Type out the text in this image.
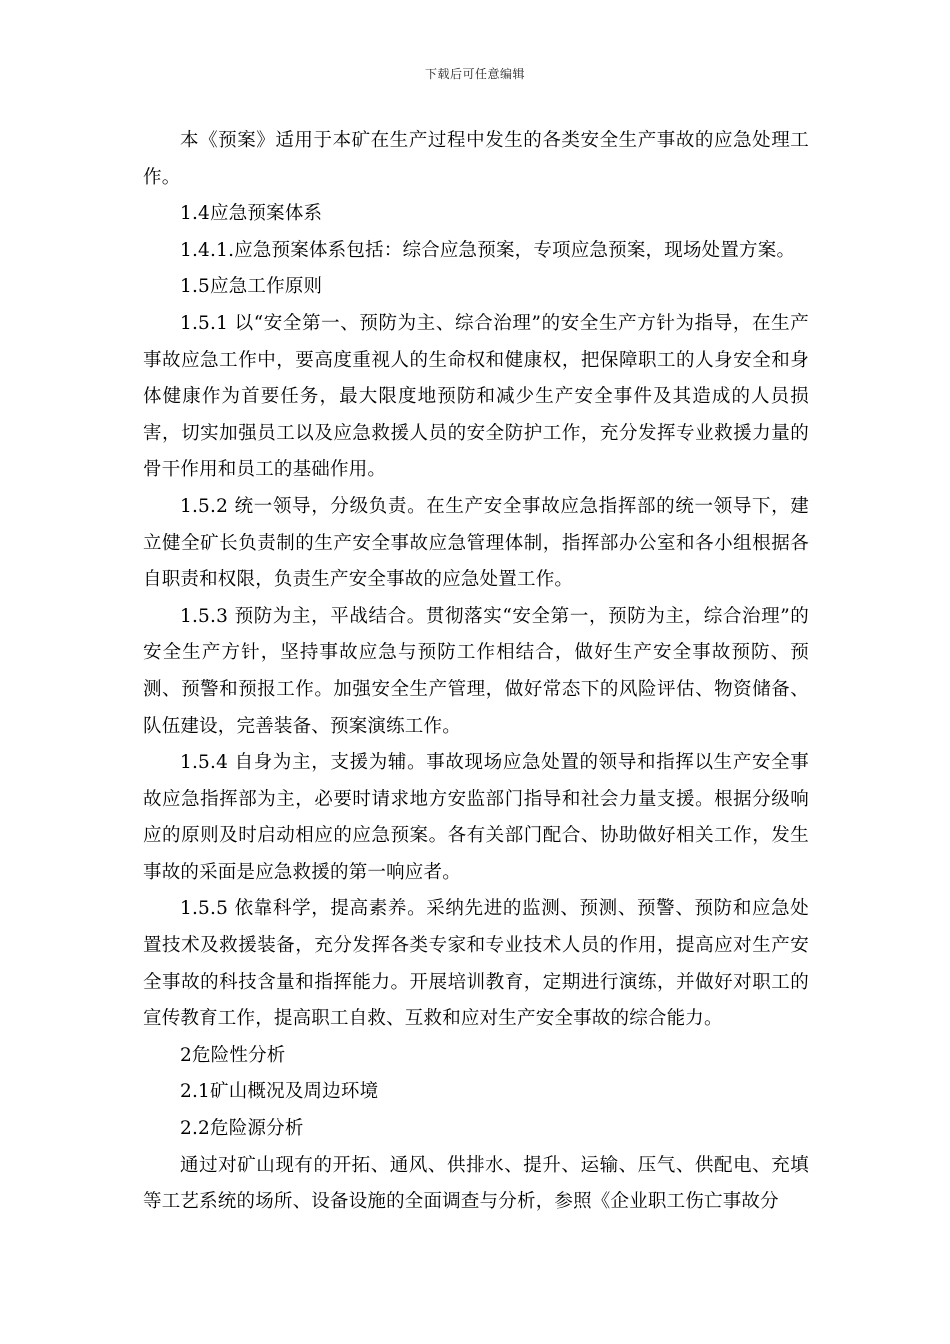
下载后可任意编辑

本《预案》适用于本矿在生产过程中发生的各类安全生产事故的应急处理工作。

1.4应急预案体系

1.4.1.应急预案体系包括：综合应急预案，专项应急预案，现场处置方案。

1.5应急工作原则

1.5.1 以“安全第一、预防为主、综合治理”的安全生产方针为指导，在生产事故应急工作中，要高度重视人的生命权和健康权，把保障职工的人身安全和身体健康作为首要任务，最大限度地预防和减少生产安全事件及其造成的人员损害，切实加强员工以及应急救援人员的安全防护工作，充分发挥专业救援力量的骨干作用和员工的基础作用。

1.5.2 统一领导，分级负责。在生产安全事故应急指挥部的统一领导下，建立健全矿长负责制的生产安全事故应急管理体制，指挥部办公室和各小组根据各自职责和权限，负责生产安全事故的应急处置工作。

1.5.3 预防为主，平战结合。贯彻落实“安全第一，预防为主，综合治理”的安全生产方针，坚持事故应急与预防工作相结合，做好生产安全事故预防、预测、预警和预报工作。加强安全生产管理，做好常态下的风险评估、物资储备、队伍建设，完善装备、预案演练工作。

1.5.4 自身为主，支援为辅。事故现场应急处置的领导和指挥以生产安全事故应急指挥部为主，必要时请求地方安监部门指导和社会力量支援。根据分级响应的原则及时启动相应的应急预案。各有关部门配合、协助做好相关工作，发生事故的采面是应急救援的第一响应者。

1.5.5 依靠科学，提高素养。采纳先进的监测、预测、预警、预防和应急处置技术及救援装备，充分发挥各类专家和专业技术人员的作用，提高应对生产安全事故的科技含量和指挥能力。开展培训教育，定期进行演练，并做好对职工的宣传教育工作，提高职工自救、互救和应对生产安全事故的综合能力。

2危险性分析

2.1矿山概况及周边环境

2.2危险源分析

通过对矿山现有的开拓、通风、供排水、提升、运输、压气、供配电、充填等工艺系统的场所、设备设施的全面调查与分析，参照《企业职工伤亡事故分
